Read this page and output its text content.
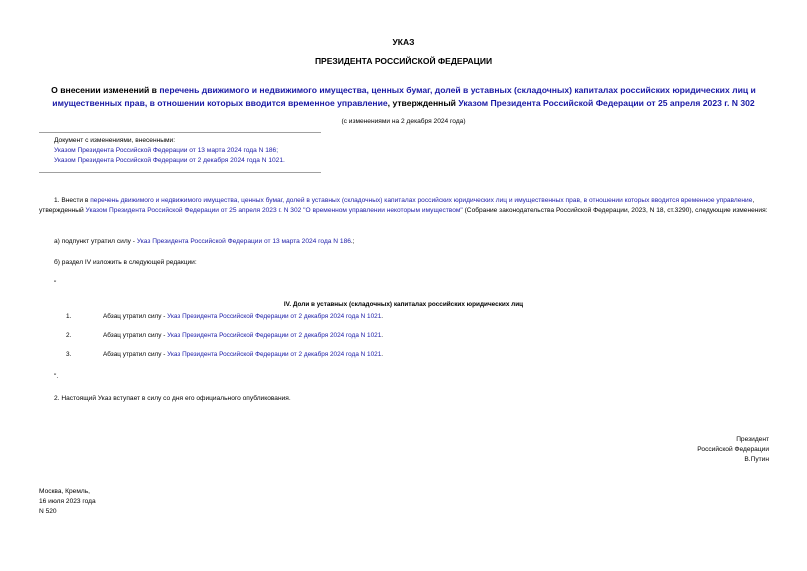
УКАЗ
ПРЕЗИДЕНТА РОССИЙСКОЙ ФЕДЕРАЦИИ
О внесении изменений в перечень движимого и недвижимого имущества, ценных бумаг, долей в уставных (складочных) капиталах российских юридических лиц и имущественных прав, в отношении которых вводится временное управление, утвержденный Указом Президента Российской Федерации от 25 апреля 2023 г. N 302
(с изменениями на 2 декабря 2024 года)
Документ с изменениями, внесенными:
Указом Президента Российской Федерации от 13 марта 2024 года N 186;
Указом Президента Российской Федерации от 2 декабря 2024 года N 1021.
1. Внести в перечень движимого и недвижимого имущества, ценных бумаг, долей в уставных (складочных) капиталах российских юридических лиц и имущественных прав, в отношении которых вводится временное управление, утвержденный Указом Президента Российской Федерации от 25 апреля 2023 г. N 302 "О временном управлении некоторым имуществом" (Собрание законодательства Российской Федерации, 2023, N 18, ст.3290), следующие изменения:
а) подпункт утратил силу - Указ Президента Российской Федерации от 13 марта 2024 года N 186.;
б) раздел IV изложить в следующей редакции:
"
IV. Доли в уставных (складочных) капиталах российских юридических лиц
1.	Абзац утратил силу - Указ Президента Российской Федерации от 2 декабря 2024 года N 1021.
2.	Абзац утратил силу - Указ Президента Российской Федерации от 2 декабря 2024 года N 1021.
3.	Абзац утратил силу - Указ Президента Российской Федерации от 2 декабря 2024 года N 1021.
".
2. Настоящий Указ вступает в силу со дня его официального опубликования.
Президент
Российской Федерации
В.Путин
Москва, Кремль,
16 июля 2023 года
N 520
